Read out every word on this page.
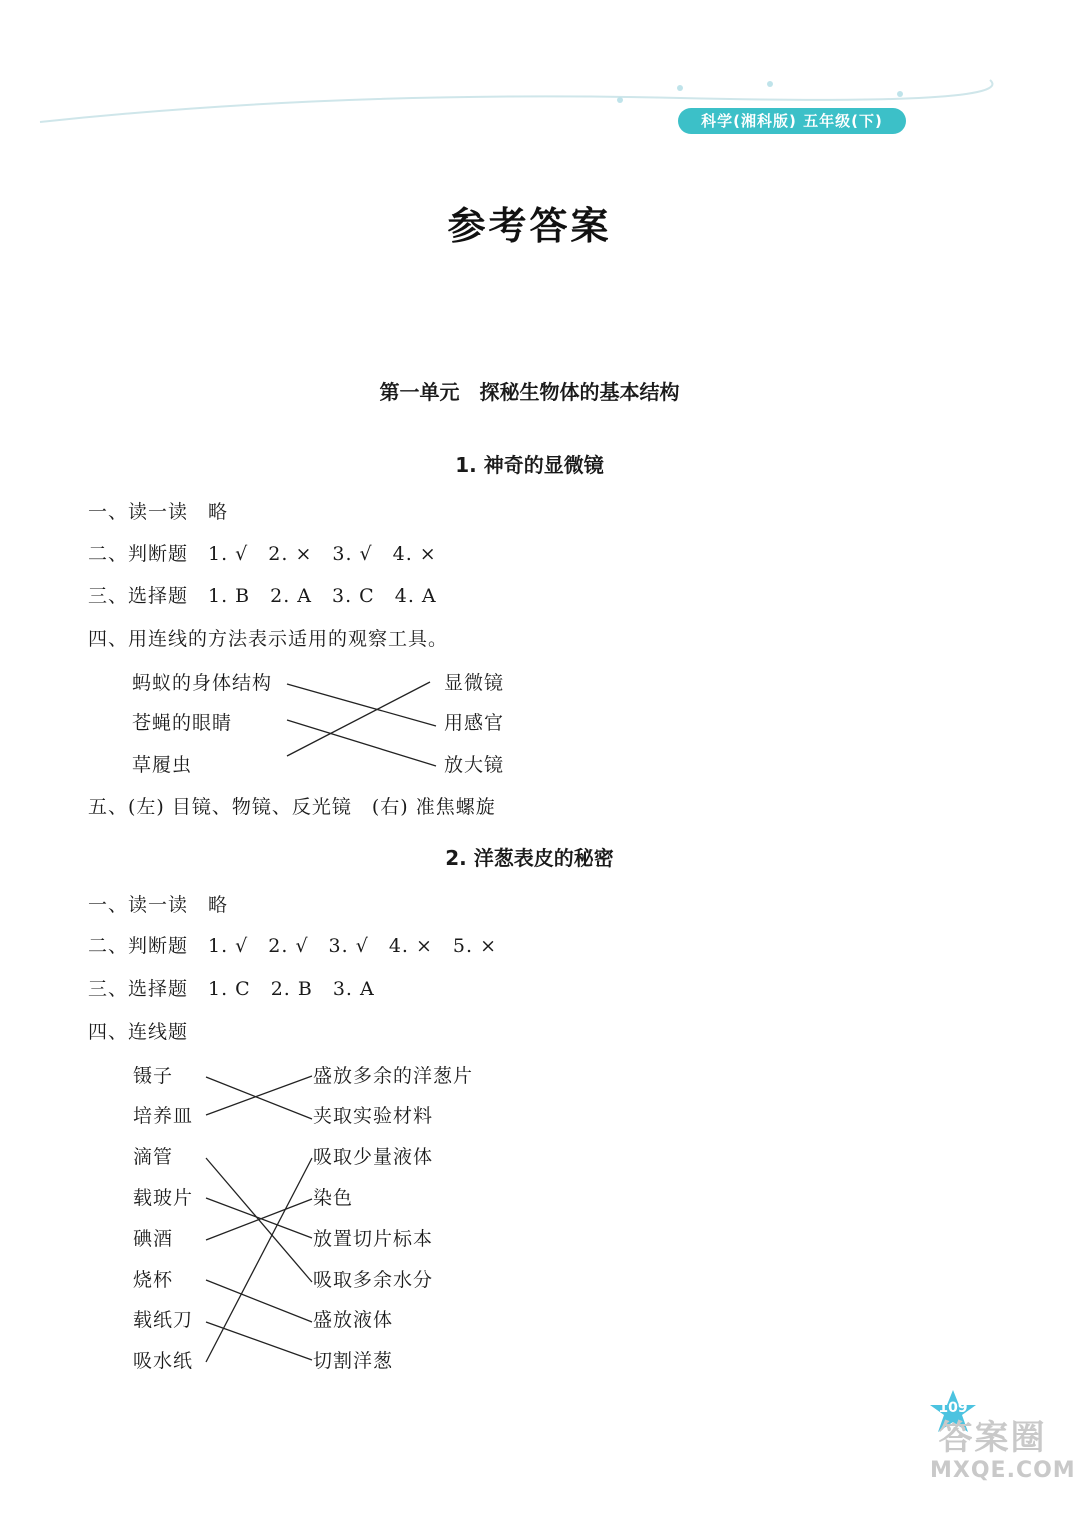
科学(湘科版) 五年级(下)
参考答案
第一单元　探秘生物体的基本结构
1. 神奇的显微镜
一、读一读　略
二、判断题　1. √　2. ×　3. √　4. ×
三、选择题　1. B　2. A　3. C　4. A
四、用连线的方法表示适用的观察工具。
蚂蚁的身体结构
苍蝇的眼睛
草履虫
显微镜
用感官
放大镜
五、(左) 目镜、物镜、反光镜　(右) 准焦螺旋
2. 洋葱表皮的秘密
一、读一读　略
二、判断题　1. √　2. √　3. √　4. ×　5. ×
三、选择题　1. C　2. B　3. A
四、连线题
镊子
培养皿
滴管
载玻片
碘酒
烧杯
载纸刀
吸水纸
盛放多余的洋葱片
夹取实验材料
吸取少量液体
染色
放置切片标本
吸取多余水分
盛放液体
切割洋葱
109
答案圈
MXQE.COM
